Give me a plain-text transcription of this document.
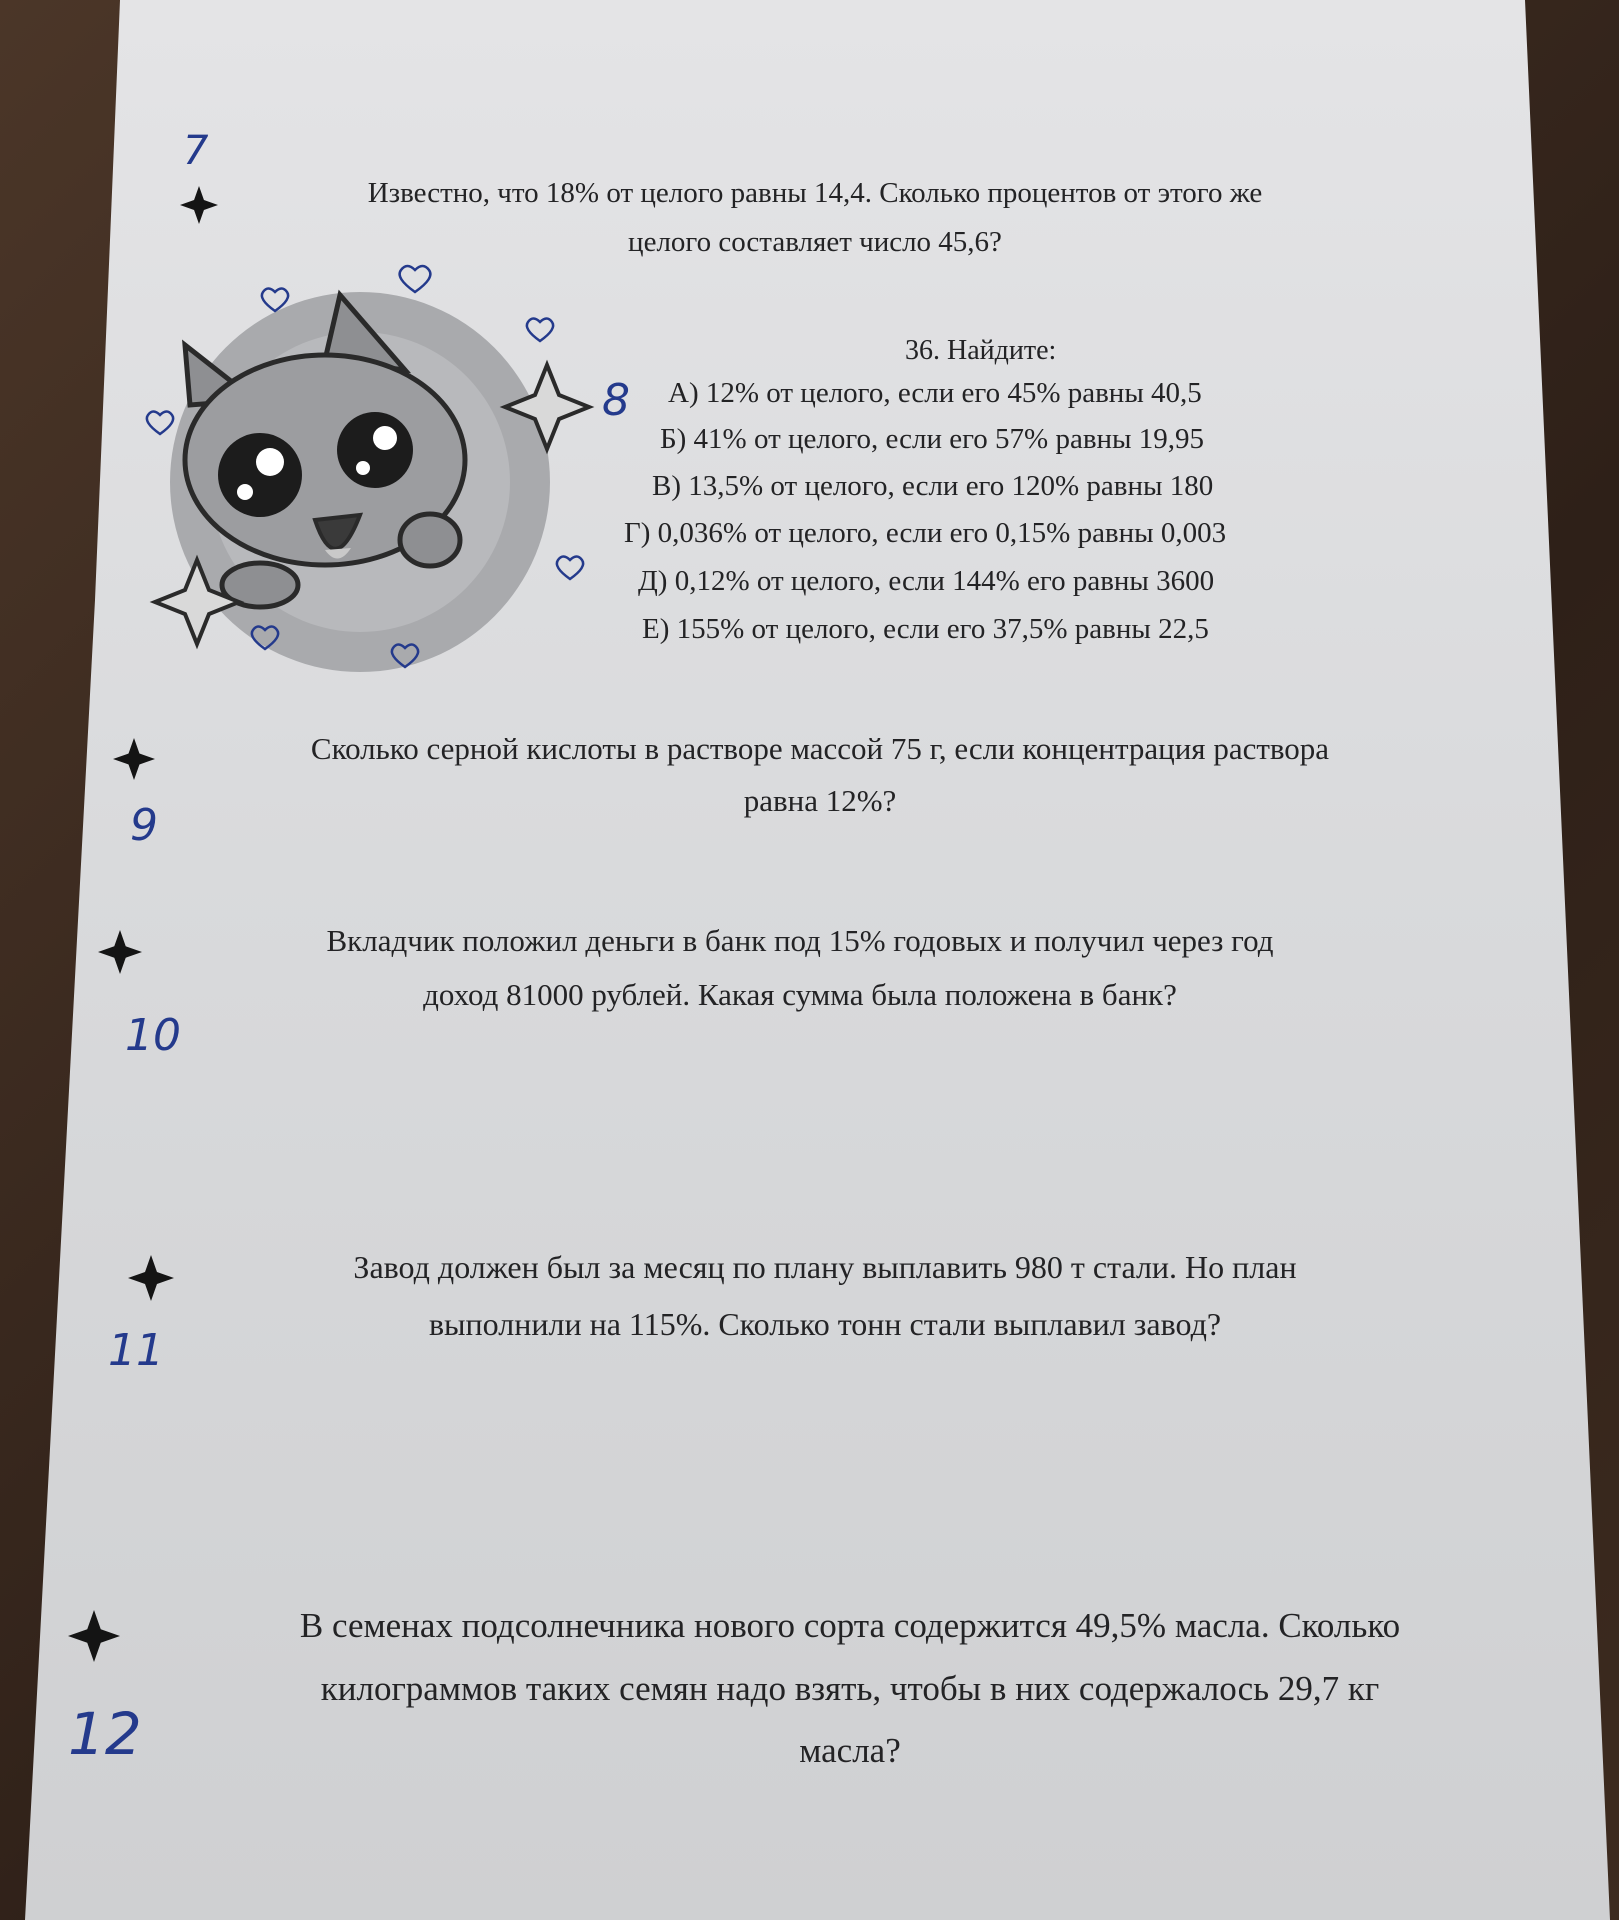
7
Известно, что 18% от целого равны 14,4. Сколько процентов от этого же
целого составляет число 45,6?
36. Найдите:
8 А) 12% от целого, если его 45% равны 40,5
Б) 41% от целого, если его 57% равны 19,95
В) 13,5% от целого, если его 120% равны 180
Г) 0,036% от целого, если его 0,15% равны 0,003
Д) 0,12% от целого, если 144% его равны 3600
Е) 155% от целого, если его 37,5% равны 22,5
9
Сколько серной кислоты в растворе массой 75 г, если концентрация раствора
равна 12%?
10
Вкладчик положил деньги в банк под 15% годовых и получил через год
доход 81000 рублей. Какая сумма была положена в банк?
11
Завод должен был за месяц по плану выплавить 980 т стали. Но план
выполнили на 115%. Сколько тонн стали выплавил завод?
12
В семенах подсолнечника нового сорта содержится 49,5% масла. Сколько
килограммов таких семян надо взять, чтобы в них содержалось 29,7 кг
масла?
